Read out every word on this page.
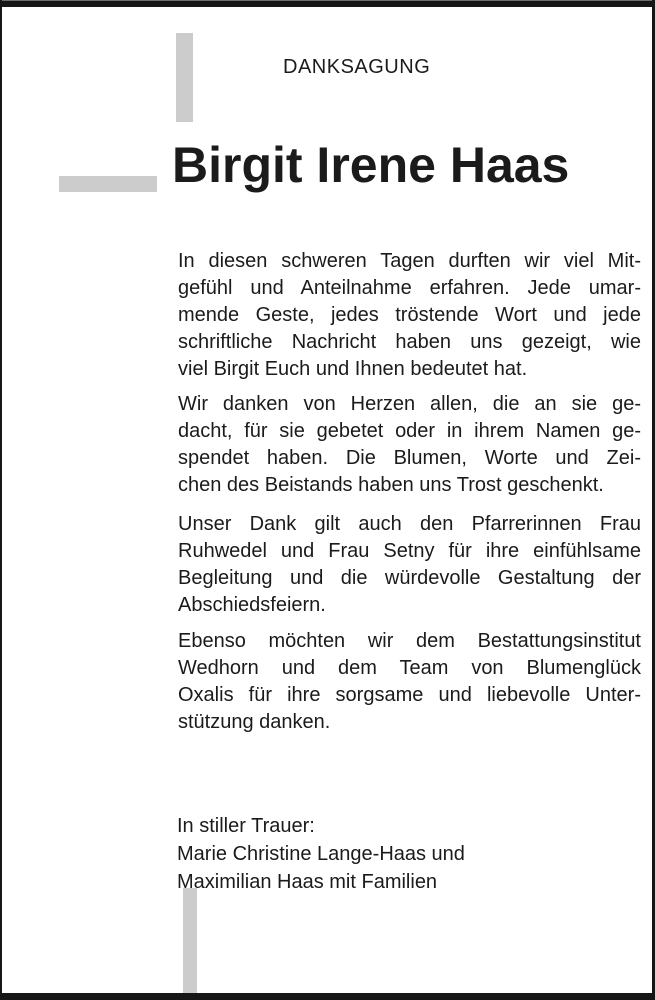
DANKSAGUNG
Birgit Irene Haas
In diesen schweren Tagen durften wir viel Mit-
gefühl und Anteilnahme erfahren. Jede umar-
mende Geste, jedes tröstende Wort und jede
schriftliche Nachricht haben uns gezeigt, wie
viel Birgit Euch und Ihnen bedeutet hat.
Wir danken von Herzen allen, die an sie ge-
dacht, für sie gebetet oder in ihrem Namen ge-
spendet haben. Die Blumen, Worte und Zei-
chen des Beistands haben uns Trost geschenkt.
Unser Dank gilt auch den Pfarrerinnen Frau
Ruhwedel und Frau Setny für ihre einfühlsame
Begleitung und die würdevolle Gestaltung der
Abschiedsfeiern.
Ebenso möchten wir dem Bestattungsinstitut
Wedhorn und dem Team von Blumenglück
Oxalis für ihre sorgsame und liebevolle Unter-
stützung danken.
In stiller Trauer:
Marie Christine Lange-Haas und
Maximilian Haas mit Familien
